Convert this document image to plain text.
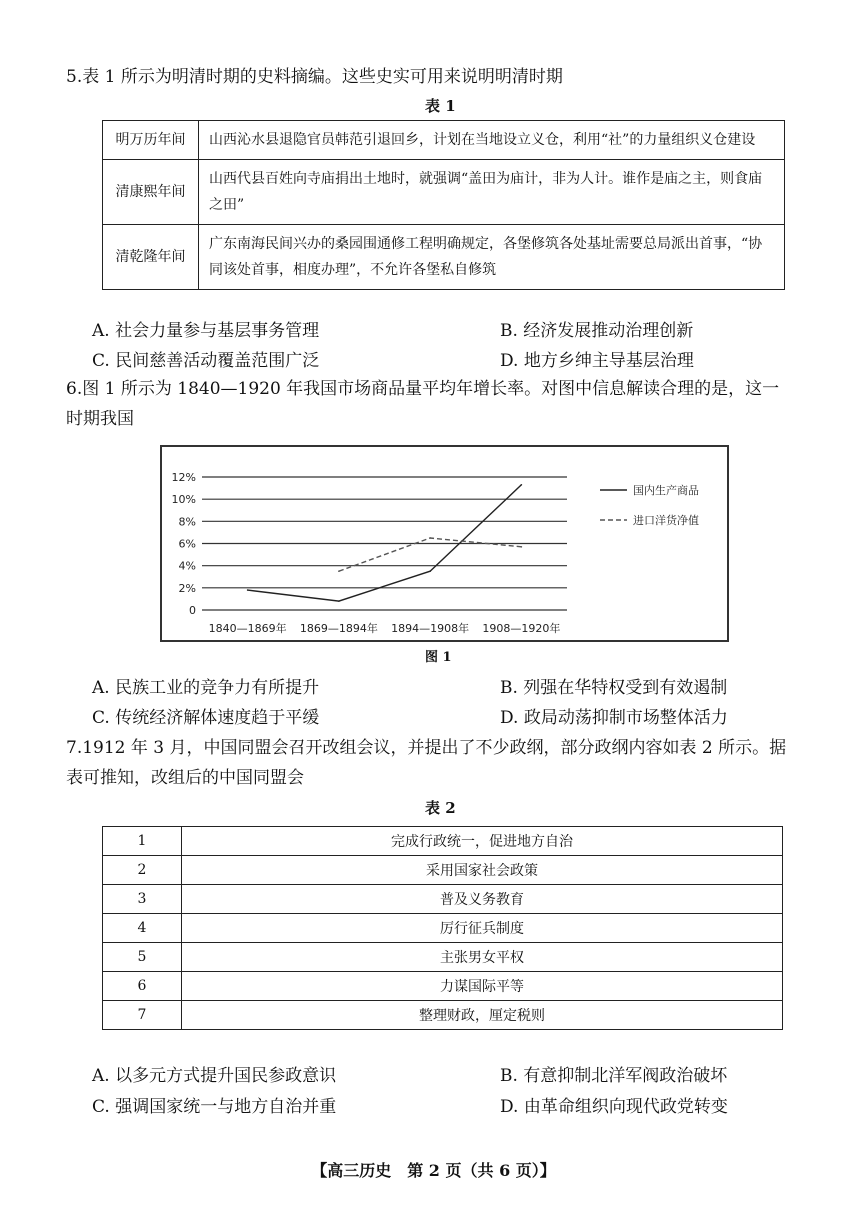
5.表 1 所示为明清时期的史料摘编。这些史实可用来说明明清时期
表 1
明万历年间	山西沁水县退隐官员韩范引退回乡，计划在当地设立义仓，利用“社”的力量组织义仓建设
清康熙年间	山西代县百姓向寺庙捐出土地时，就强调“盖田为庙计，非为人计。谁作是庙之主，则食庙之田”
清乾隆年间	广东南海民间兴办的桑园围通修工程明确规定，各堡修筑各处基址需要总局派出首事，“协同该处首事，相度办理”，不允许各堡私自修筑
A. 社会力量参与基层事务管理	B. 经济发展推动治理创新
C. 民间慈善活动覆盖范围广泛	D. 地方乡绅主导基层治理
6.图 1 所示为 1840—1920 年我国市场商品量平均年增长率。对图中信息解读合理的是，这一
时期我国
0
2%
4%
6%
8%
10%
12%
1840—1869年 1869—1894年 1894—1908年 1908—1920年
国内生产商品
进口洋货净值
图 1
A. 民族工业的竞争力有所提升	B. 列强在华特权受到有效遏制
C. 传统经济解体速度趋于平缓	D. 政局动荡抑制市场整体活力
7.1912 年 3 月，中国同盟会召开改组会议，并提出了不少政纲，部分政纲内容如表 2 所示。据
表可推知，改组后的中国同盟会
表 2
1	完成行政统一，促进地方自治
2	采用国家社会政策
3	普及义务教育
4	厉行征兵制度
5	主张男女平权
6	力谋国际平等
7	整理财政，厘定税则
A. 以多元方式提升国民参政意识	B. 有意抑制北洋军阀政治破坏
C. 强调国家统一与地方自治并重	D. 由革命组织向现代政党转变
【高三历史　第 2 页（共 6 页）】
